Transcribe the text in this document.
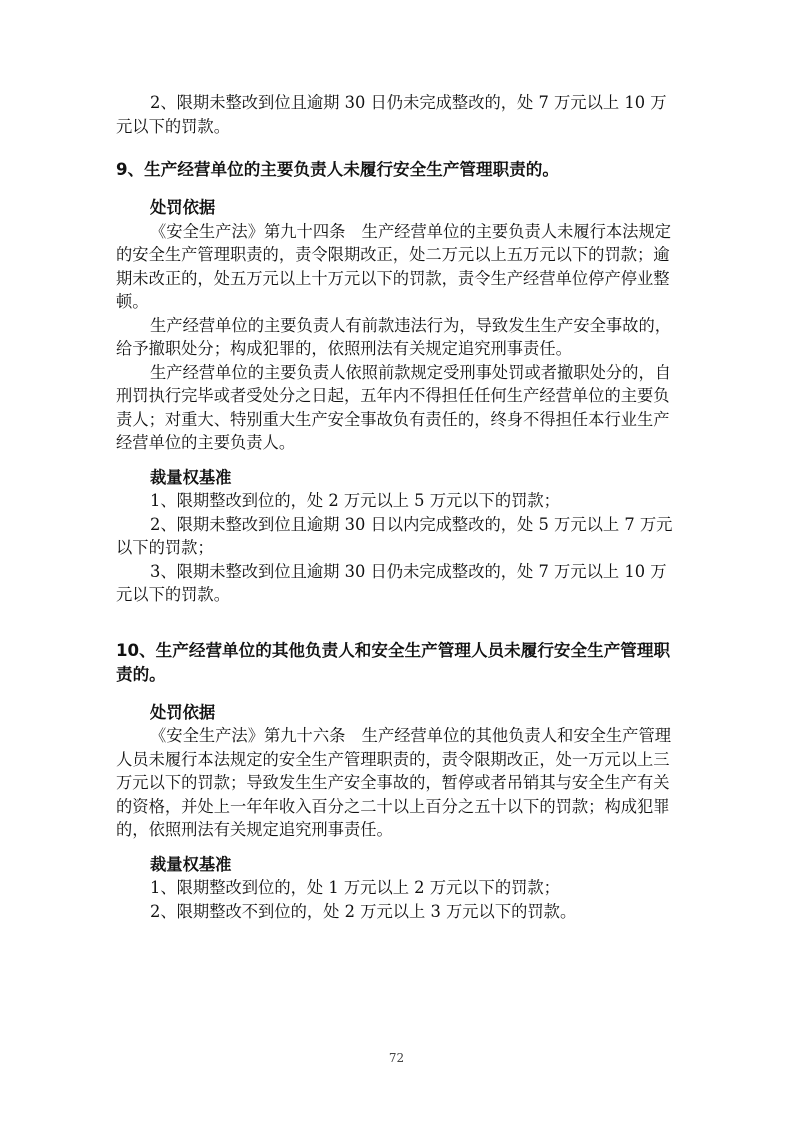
2、限期未整改到位且逾期 30 日仍未完成整改的，处 7 万元以上 10 万元以下的罚款。

9、生产经营单位的主要负责人未履行安全生产管理职责的。

处罚依据

《安全生产法》第九十四条　生产经营单位的主要负责人未履行本法规定的安全生产管理职责的，责令限期改正，处二万元以上五万元以下的罚款；逾期未改正的，处五万元以上十万元以下的罚款，责令生产经营单位停产停业整顿。

生产经营单位的主要负责人有前款违法行为，导致发生生产安全事故的，给予撤职处分；构成犯罪的，依照刑法有关规定追究刑事责任。

生产经营单位的主要负责人依照前款规定受刑事处罚或者撤职处分的，自刑罚执行完毕或者受处分之日起，五年内不得担任任何生产经营单位的主要负责人；对重大、特别重大生产安全事故负有责任的，终身不得担任本行业生产经营单位的主要负责人。

裁量权基准

1、限期整改到位的，处 2 万元以上 5 万元以下的罚款；

2、限期未整改到位且逾期 30 日以内完成整改的，处 5 万元以上 7 万元以下的罚款；

3、限期未整改到位且逾期 30 日仍未完成整改的，处 7 万元以上 10 万元以下的罚款。

10、生产经营单位的其他负责人和安全生产管理人员未履行安全生产管理职责的。

处罚依据

《安全生产法》第九十六条　生产经营单位的其他负责人和安全生产管理人员未履行本法规定的安全生产管理职责的，责令限期改正，处一万元以上三万元以下的罚款；导致发生生产安全事故的，暂停或者吊销其与安全生产有关的资格，并处上一年年收入百分之二十以上百分之五十以下的罚款；构成犯罪的，依照刑法有关规定追究刑事责任。

裁量权基准

1、限期整改到位的，处 1 万元以上 2 万元以下的罚款；

2、限期整改不到位的，处 2 万元以上 3 万元以下的罚款。

72
